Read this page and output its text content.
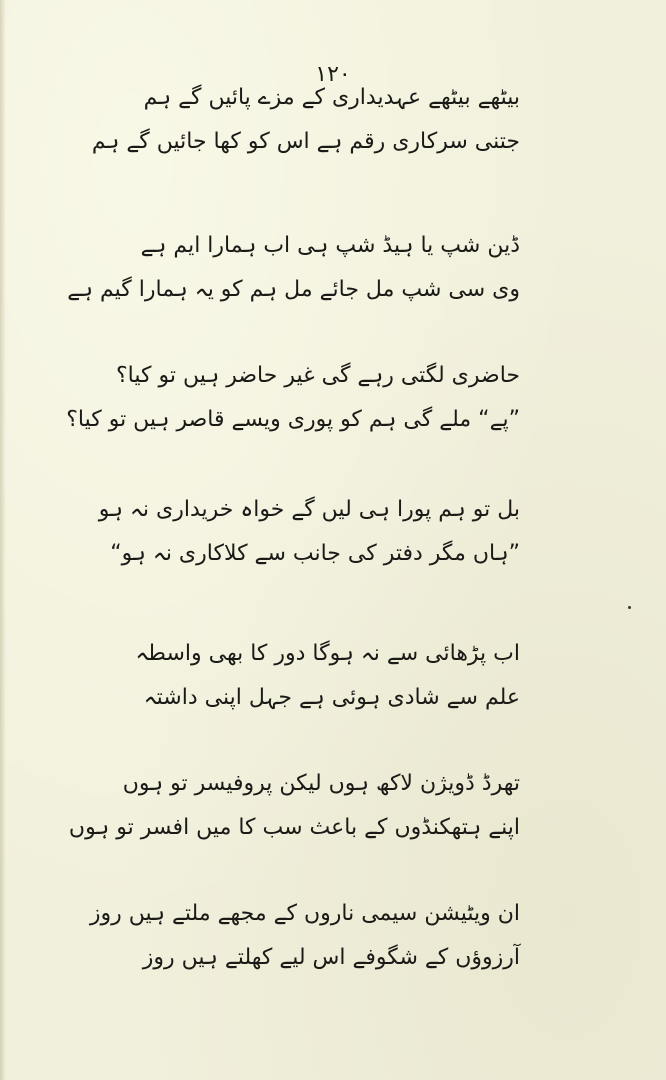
۱۲۰
بیٹھے بیٹھے عہدیداری کے مزے پائیں گے ہم
جتنی سرکاری رقم ہے اس کو کھا جائیں گے ہم
ڈین شپ یا ہیڈ شپ ہی اب ہمارا ایم ہے
وی سی شپ مل جائے مل ہم کو یہ ہمارا گیم ہے
حاضری لگتی رہے گی غیر حاضر ہیں تو کیا؟
”پے“ ملے گی ہم کو پوری ویسے قاصر ہیں تو کیا؟
بل تو ہم پورا ہی لیں گے خواہ خریداری نہ ہو
”ہاں مگر دفتر کی جانب سے کلاکاری نہ ہو“
اب پڑھائی سے نہ ہوگا دور کا بھی واسطہ
علم سے شادی ہوئی ہے جہل اپنی داشتہ
تھرڈ ڈویژن لاکھ ہوں لیکن پروفیسر تو ہوں
اپنے ہتھکنڈوں کے باعث سب کا میں افسر تو ہوں
ان ویٹیشن سیمی ناروں کے مجھے ملتے ہیں روز
آرزوؤں کے شگوفے اس لیے کھلتے ہیں روز
